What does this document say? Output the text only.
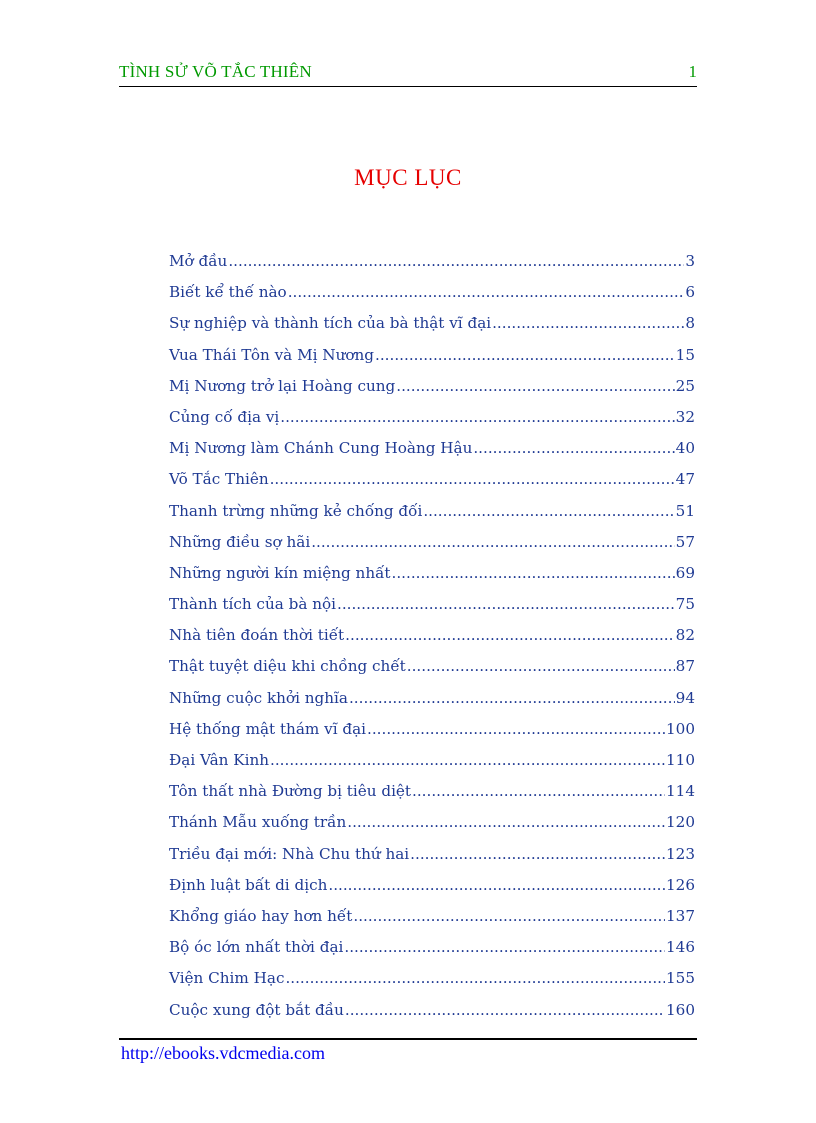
TÌNH SỬ VÕ TẮC THIÊN	1
MỤC LỤC
Mở đầu .....	3
Biết kể thế nào .....	6
Sự nghiệp và thành tích của bà thật vĩ đại .....	8
Vua Thái Tôn và Mị Nương .....	15
Mị Nương trở lại Hoàng cung .....	25
Củng cố địa vị .....	32
Mị Nương làm Chánh Cung Hoàng Hậu .....	40
Võ Tắc Thiên .....	47
Thanh trừng những kẻ chống đối .....	51
Những điều sợ hãi .....	57
Những người kín miệng nhất .....	69
Thành tích của bà nội .....	75
Nhà tiên đoán thời tiết .....	82
Thật tuyệt diệu khi chồng chết .....	87
Những cuộc khởi nghĩa .....	94
Hệ thống mật thám vĩ đại .....	100
Đại Vân Kinh .....	110
Tôn thất nhà Đường bị tiêu diệt .....	114
Thánh Mẫu xuống trần .....	120
Triều đại mới: Nhà Chu thứ hai .....	123
Định luật bất di dịch .....	126
Khổng giáo hay hơn hết .....	137
Bộ óc lớn nhất thời đại .....	146
Viện Chim Hạc .....	155
Cuộc xung đột bắt đầu .....	160
http://ebooks.vdcmedia.com
